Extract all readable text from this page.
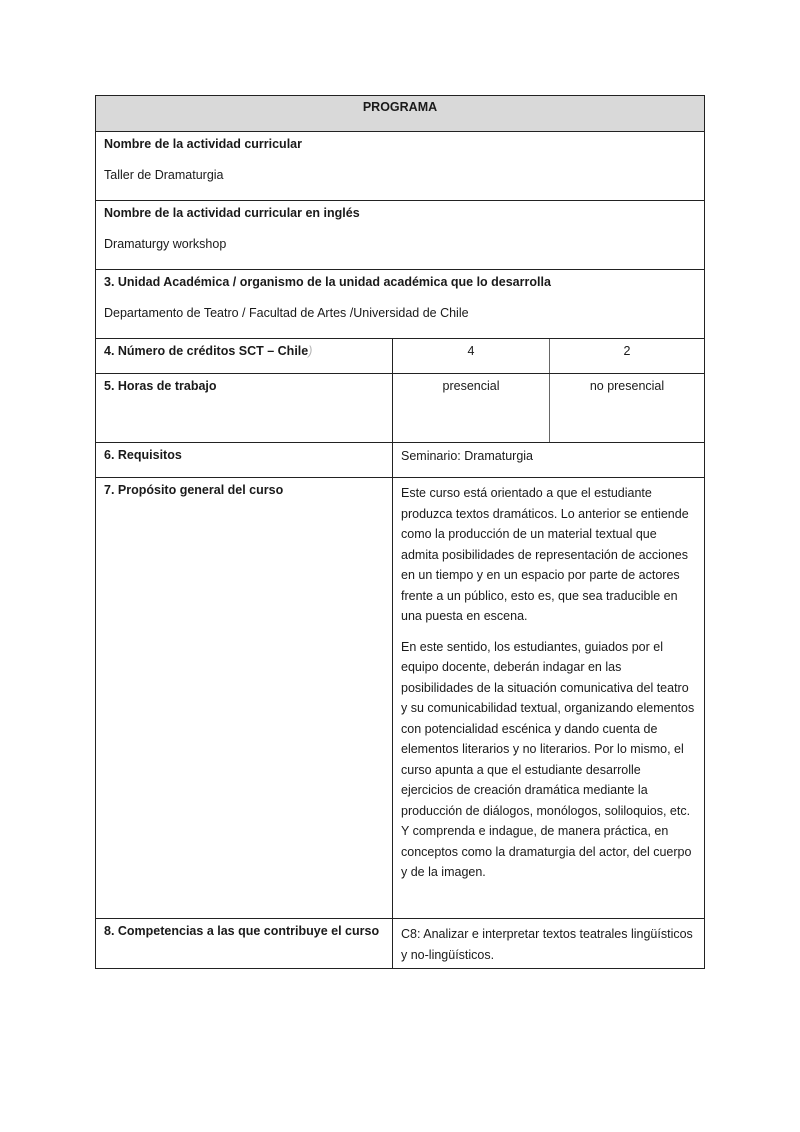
PROGRAMA
Nombre de la actividad curricular
Taller de Dramaturgia
Nombre de la actividad curricular en inglés
Dramaturgy workshop
3. Unidad Académica / organismo de la unidad académica que lo desarrolla
Departamento de Teatro / Facultad de Artes /Universidad de Chile
4. Número de créditos SCT – Chile)	4	2
5. Horas de trabajo	presencial	no presencial
6. Requisitos	Seminario: Dramaturgia
7. Propósito general del curso	Este curso está orientado a que el estudiante produzca textos dramáticos. Lo anterior se entiende como la producción de un material textual que admita posibilidades de representación de acciones en un tiempo y en un espacio por parte de actores frente a un público, esto es, que sea traducible en una puesta en escena.

En este sentido, los estudiantes, guiados por el equipo docente, deberán indagar en las posibilidades de la situación comunicativa del teatro y su comunicabilidad textual, organizando elementos con potencialidad escénica y dando cuenta de elementos literarios y no literarios. Por lo mismo, el curso apunta a que el estudiante desarrolle ejercicios de creación dramática mediante la producción de diálogos, monólogos, soliloquios, etc. Y comprenda e indague, de manera práctica, en conceptos como la dramaturgia del actor, del cuerpo y de la imagen.

8. Competencias a las que contribuye el curso	C8: Analizar e interpretar textos teatrales lingüísticos y no-lingüísticos.
